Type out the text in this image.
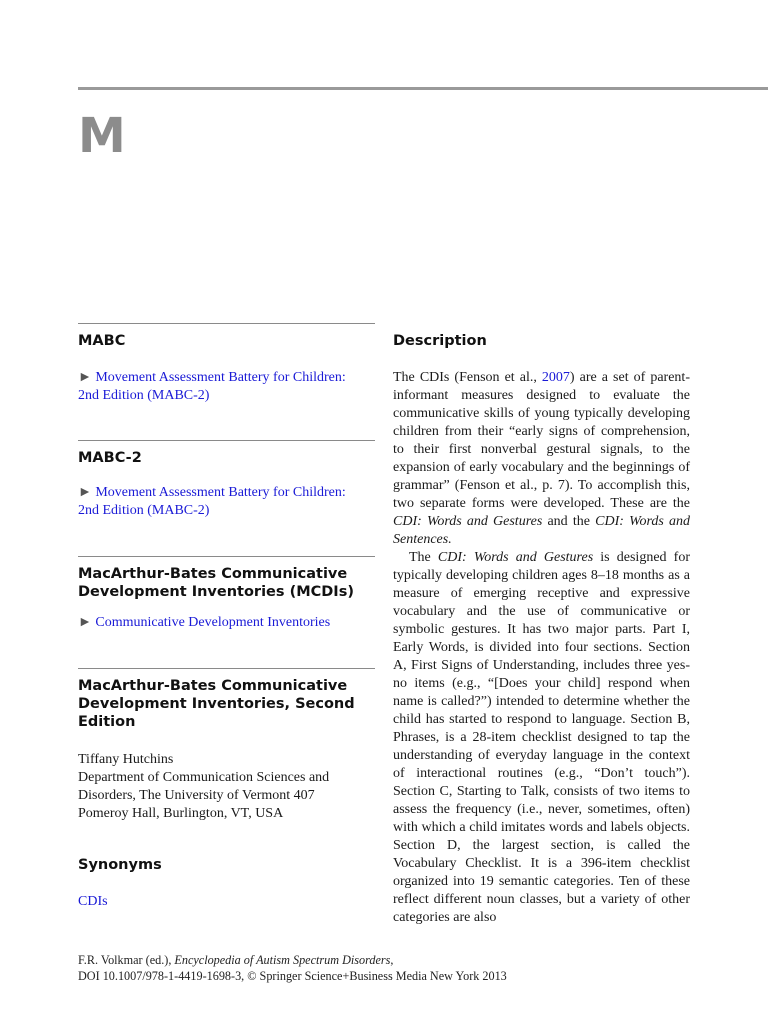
M
MABC
► Movement Assessment Battery for Children:
2nd Edition (MABC-2)
MABC-2
► Movement Assessment Battery for Children:
2nd Edition (MABC-2)
MacArthur-Bates Communicative
Development Inventories (MCDIs)
► Communicative Development Inventories
MacArthur-Bates Communicative
Development Inventories, Second
Edition
Tiffany Hutchins
Department of Communication Sciences and
Disorders, The University of Vermont 407
Pomeroy Hall, Burlington, VT, USA
Synonyms
CDIs
Description
The CDIs (Fenson et al., 2007) are a set of parent-informant measures designed to evaluate the communicative skills of young typically developing children from their “early signs of comprehension, to their first nonverbal gestural signals, to the expansion of early vocabulary and the beginnings of grammar” (Fenson et al., p. 7). To accomplish this, two separate forms were developed. These are the CDI: Words and Gestures and the CDI: Words and Sentences.
The CDI: Words and Gestures is designed for typically developing children ages 8–18 months as a measure of emerging receptive and expressive vocabulary and the use of communicative or symbolic gestures. It has two major parts. Part I, Early Words, is divided into four sections. Section A, First Signs of Understanding, includes three yes-no items (e.g., “[Does your child] respond when name is called?”) intended to determine whether the child has started to respond to language. Section B, Phrases, is a 28-item checklist designed to tap the understanding of everyday language in the context of interactional routines (e.g., “Don’t touch”). Section C, Starting to Talk, consists of two items to assess the frequency (i.e., never, sometimes, often) with which a child imitates words and labels objects. Section D, the largest section, is called the Vocabulary Checklist. It is a 396-item checklist organized into 19 semantic categories. Ten of these reflect different noun classes, but a variety of other categories are also
F.R. Volkmar (ed.), Encyclopedia of Autism Spectrum Disorders,
DOI 10.1007/978-1-4419-1698-3, © Springer Science+Business Media New York 2013
